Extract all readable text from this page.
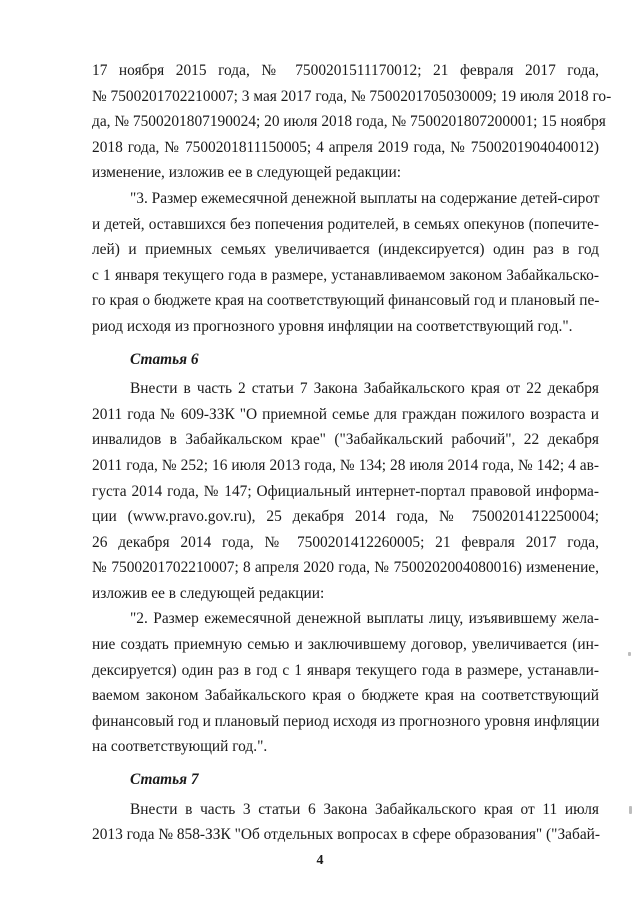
17 ноября 2015 года, № 7500201511170012; 21 февраля 2017 года,
№ 7500201702210007; 3 мая 2017 года, № 7500201705030009; 19 июля 2018 го-
да, № 7500201807190024; 20 июля 2018 года, № 7500201807200001; 15 ноября
2018 года, № 7500201811150005; 4 апреля 2019 года, № 7500201904040012)
изменение, изложив ее в следующей редакции:
"3. Размер ежемесячной денежной выплаты на содержание детей-сирот
и детей, оставшихся без попечения родителей, в семьях опекунов (попечите-
лей) и приемных семьях увеличивается (индексируется) один раз в год
с 1 января текущего года в размере, устанавливаемом законом Забайкальско-
го края о бюджете края на соответствующий финансовый год и плановый пе-
риод исходя из прогнозного уровня инфляции на соответствующий год.".
Статья 6
Внести в часть 2 статьи 7 Закона Забайкальского края от 22 декабря
2011 года № 609-ЗЗК "О приемной семье для граждан пожилого возраста и
инвалидов в Забайкальском крае" ("Забайкальский рабочий", 22 декабря
2011 года, № 252; 16 июля 2013 года, № 134; 28 июля 2014 года, № 142; 4 ав-
густа 2014 года, № 147; Официальный интернет-портал правовой информа-
ции (www.pravo.gov.ru), 25 декабря 2014 года, № 7500201412250004;
26 декабря 2014 года, № 7500201412260005; 21 февраля 2017 года,
№ 7500201702210007; 8 апреля 2020 года, № 7500202004080016) изменение,
изложив ее в следующей редакции:
"2. Размер ежемесячной денежной выплаты лицу, изъявившему жела-
ние создать приемную семью и заключившему договор, увеличивается (ин-
дексируется) один раз в год с 1 января текущего года в размере, устанавли-
ваемом законом Забайкальского края о бюджете края на соответствующий
финансовый год и плановый период исходя из прогнозного уровня инфляции
на соответствующий год.".
Статья 7
Внести в часть 3 статьи 6 Закона Забайкальского края от 11 июля
2013 года № 858-ЗЗК "Об отдельных вопросах в сфере образования" ("Забай-
4
